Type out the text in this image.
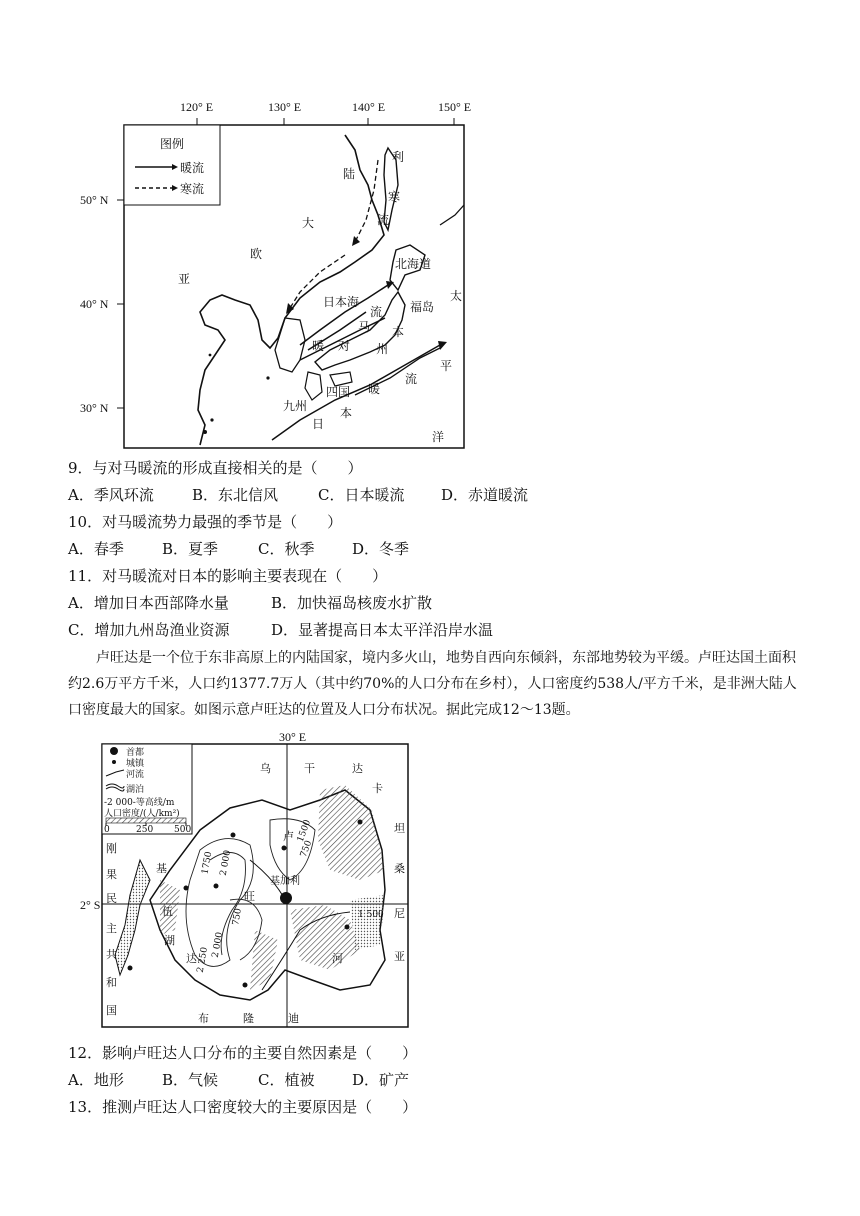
120° E	130° E	140° E	150° E
50° N
40° N
30° N
图例
暖流
寒流
陆
大
欧
亚
利
寒
流
北海道
太
福岛
日本海
流
马 本
对 州
平
暖
四国 暖
流
九州	本
日
洋
9．与对马暖流的形成直接相关的是（　　）
A．季风环流	B．东北信风	C．日本暖流 D．赤道暖流
10．对马暖流势力最强的季节是（　　）
A．春季	B．夏季	C．秋季	D．冬季
11．对马暖流对日本的影响主要表现在（　　）
A．增加日本西部降水量	B．加快福岛核废水扩散
C．增加九州岛渔业资源	D．显著提高日本太平洋沿岸水温
卢旺达是一个位于东非高原上的内陆国家，境内多火山，地势自西向东倾斜，东部地势较为平缓。卢旺达国土面积约2.6万平方千米，人口约1377.7万人（其中约70%的人口分布在乡村），人口密度约538人/平方千米，是非洲大陆人口密度最大的国家。如图示意卢旺达的位置及人口分布状况。据此完成12～13题。
30° E
2° S
首都
城镇
河流
湖泊
-2 000-等高线/m
人口密度/(人/km²)
0	250 500
乌	干	达
卡
坦
桑
尼
亚
刚
果
民
主
共
和
国
基
伍
湖
卢
旺
达
基加利
河
布	隆	迪
750
750
1500
2 000
2 000
2 250
1750
1 500
12．影响卢旺达人口分布的主要自然因素是（　　）
A．地形	B．气候	C．植被	D．矿产
13．推测卢旺达人口密度较大的主要原因是（　　）
